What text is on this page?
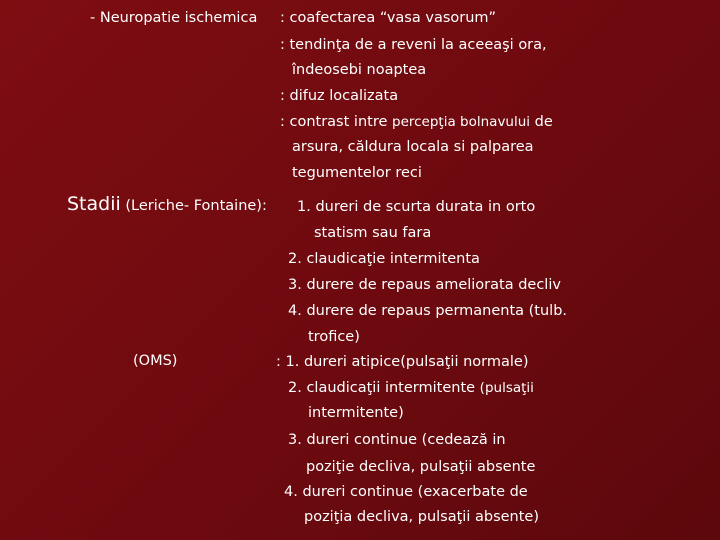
- Neuropatie ischemica : coafectarea “vasa vasorum”
: tendinţa de a reveni la aceeaşi ora,
îndeosebi noaptea
: difuz localizata
: contrast intre percepţia bolnavului de
arsura, căldura locala si palparea
tegumentelor reci
Stadii (Leriche- Fontaine): 1. dureri de scurta durata in orto
statism sau fara
2. claudicaţie intermitenta
3. durere de repaus ameliorata decliv
4. durere de repaus permanenta (tulb.
trofice)
(OMS)	: 1. dureri atipice(pulsaţii normale)
2. claudicaţii intermitente (pulsaţii
intermitente)
3. dureri continue (cedează in
poziţie decliva, pulsaţii absente
4. dureri continue (exacerbate de
poziţia decliva, pulsaţii absente)
